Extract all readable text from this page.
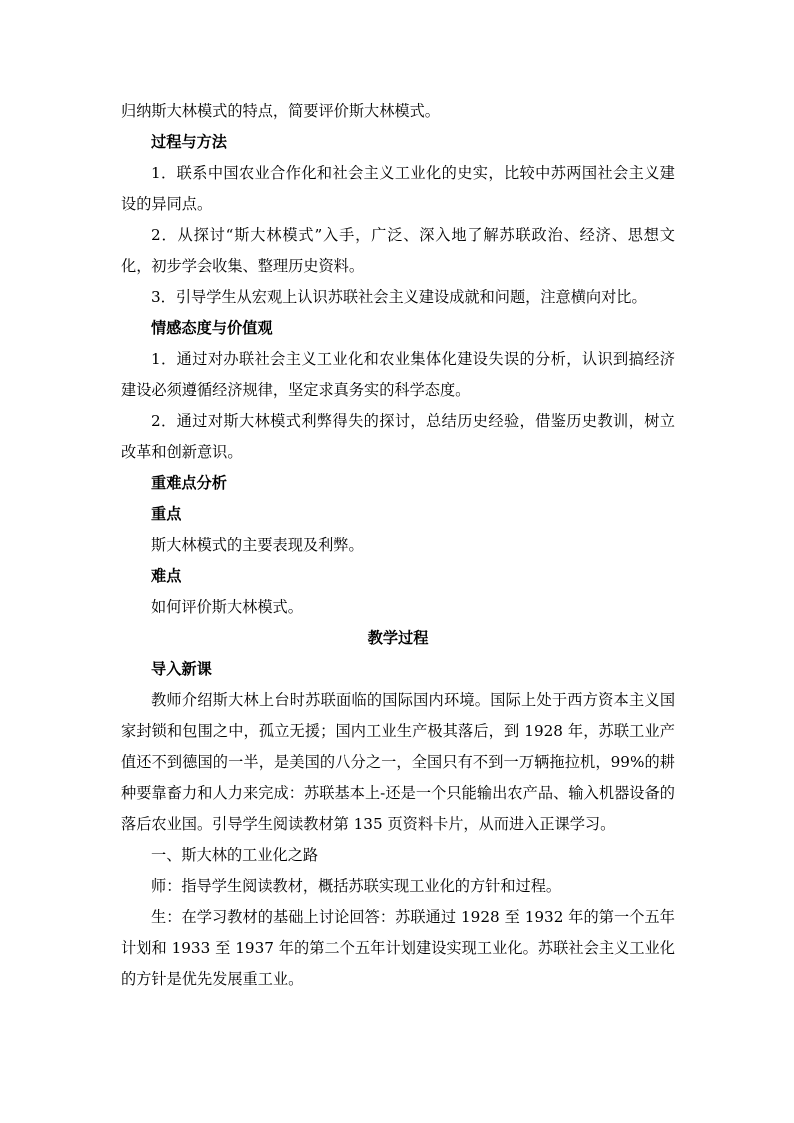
归纳斯大林模式的特点，简要评价斯大林模式。

过程与方法

1．联系中国农业合作化和社会主义工业化的史实，比较中苏两国社会主义建设的异同点。

2．从探讨“斯大林模式”入手，广泛、深入地了解苏联政治、经济、思想文化，初步学会收集、整理历史资料。

3．引导学生从宏观上认识苏联社会主义建设成就和问题，注意横向对比。

情感态度与价值观

1．通过对办联社会主义工业化和农业集体化建设失误的分析，认识到搞经济建设必须遵循经济规律，坚定求真务实的科学态度。

2．通过对斯大林模式利弊得失的探讨，总结历史经验，借鉴历史教训，树立改革和创新意识。

重难点分析

重点

斯大林模式的主要表现及利弊。

难点

如何评价斯大林模式。

教学过程

导入新课

教师介绍斯大林上台时苏联面临的国际国内环境。国际上处于西方资本主义国家封锁和包围之中，孤立无援；国内工业生产极其落后，到 1928 年，苏联工业产值还不到德国的一半，是美国的八分之一，全国只有不到一万辆拖拉机，99%的耕种要靠畜力和人力来完成：苏联基本上-还是一个只能输出农产品、输入机器设备的落后农业国。引导学生阅读教材第 135 页资料卡片，从而进入正课学习。

一、斯大林的工业化之路

师：指导学生阅读教材，概括苏联实现工业化的方针和过程。

生：在学习教材的基础上讨论回答：苏联通过 1928 至 1932 年的第一个五年计划和 1933 至 1937 年的第二个五年计划建设实现工业化。苏联社会主义工业化的方针是优先发展重工业。
